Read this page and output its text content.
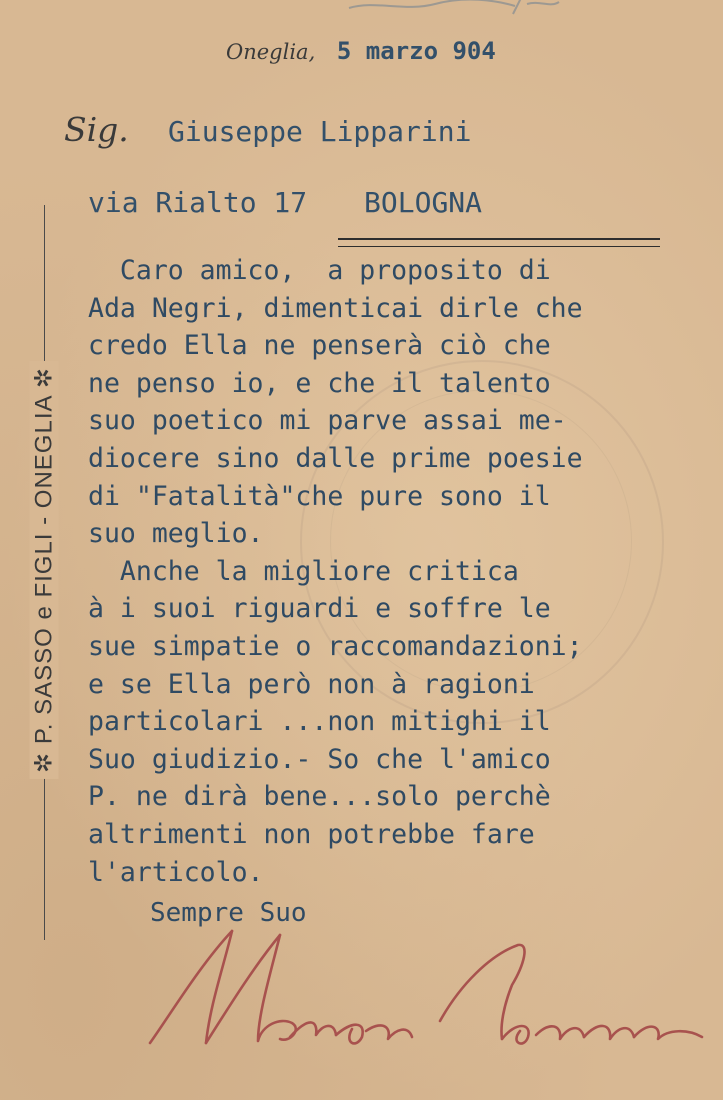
✲ P. SASSO e FIGLI - ONEGLIA ✲
Oneglia, 5 marzo 904
Sig. Giuseppe Lipparini
via Rialto 17 BOLOGNA
Caro amico,  a proposito di
Ada Negri, dimenticai dirle che
credo Ella ne penserà ciò che
ne penso io, e che il talento
suo poetico mi parve assai me-
diocere sino dalle prime poesie
di "Fatalità"che pure sono il
suo meglio.
Anche la migliore critica
à i suoi riguardi e soffre le
sue simpatie o raccomandazioni;
e se Ella però non à ragioni
particolari ...non mitighi il
Suo giudizio.- So che l'amico
P. ne dirà bene...solo perchè
altrimenti non potrebbe fare
l'articolo.
Sempre Suo
